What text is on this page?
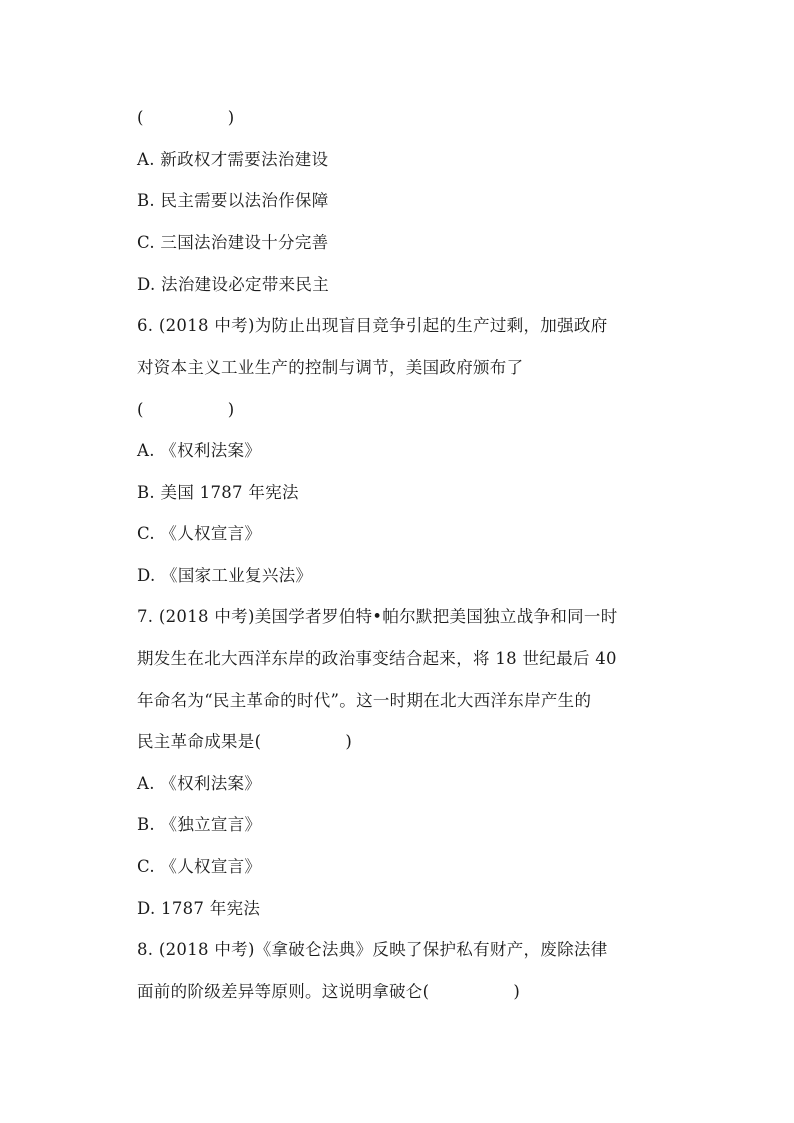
(　　　　　)
A. 新政权才需要法治建设
B. 民主需要以法治作保障
C. 三国法治建设十分完善
D. 法治建设必定带来民主
6. (2018 中考)为防止出现盲目竞争引起的生产过剩，加强政府
对资本主义工业生产的控制与调节，美国政府颁布了
(　　　　　)
A. 《权利法案》
B. 美国 1787 年宪法
C. 《人权宣言》
D. 《国家工业复兴法》
7. (2018 中考)美国学者罗伯特•帕尔默把美国独立战争和同一时
期发生在北大西洋东岸的政治事变结合起来，将 18 世纪最后 40
年命名为“民主革命的时代”。这一时期在北大西洋东岸产生的
民主革命成果是(　　　　　)
A. 《权利法案》
B. 《独立宣言》
C. 《人权宣言》
D. 1787 年宪法
8. (2018 中考)《拿破仑法典》反映了保护私有财产，废除法律
面前的阶级差异等原则。这说明拿破仑(　　　　　)
